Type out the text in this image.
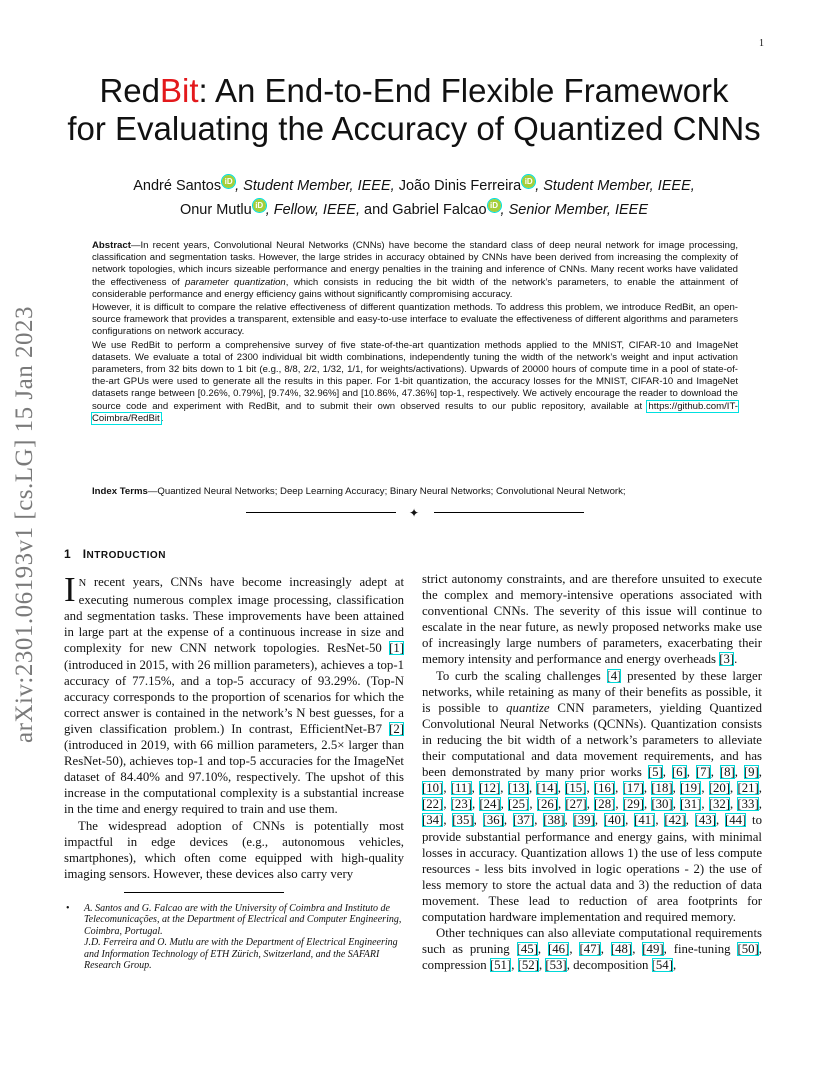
1
arXiv:2301.06193v1 [cs.LG] 15 Jan 2023
RedBit: An End-to-End Flexible Framework
for Evaluating the Accuracy of Quantized CNNs
André Santos iD , Student Member, IEEE, João Dinis Ferreira iD , Student Member, IEEE,
Onur Mutlu iD , Fellow, IEEE, and Gabriel Falcao iD , Senior Member, IEEE

Abstract—In recent years, Convolutional Neural Networks (CNNs) have become the standard class of deep neural network for image processing, classification and segmentation tasks. However, the large strides in accuracy obtained by CNNs have been derived from increasing the complexity of network topologies, which incurs sizeable performance and energy penalties in the training and inference of CNNs. Many recent works have validated the effectiveness of parameter quantization, which consists in reducing the bit width of the network’s parameters, to enable the attainment of considerable performance and energy efficiency gains without significantly compromising accuracy.

However, it is difficult to compare the relative effectiveness of different quantization methods. To address this problem, we introduce RedBit, an open-source framework that provides a transparent, extensible and easy-to-use interface to evaluate the effectiveness of different algorithms and parameters configurations on network accuracy.

We use RedBit to perform a comprehensive survey of five state-of-the-art quantization methods applied to the MNIST, CIFAR-10 and ImageNet datasets. We evaluate a total of 2300 individual bit width combinations, independently tuning the width of the network’s weight and input activation parameters, from 32 bits down to 1 bit (e.g., 8/8, 2/2, 1/32, 1/1, for weights/activations). Upwards of 20000 hours of compute time in a pool of state-of-the-art GPUs were used to generate all the results in this paper. For 1-bit quantization, the accuracy losses for the MNIST, CIFAR-10 and ImageNet datasets range between [0.26%, 0.79%], [9.74%, 32.96%] and [10.86%, 47.36%] top-1, respectively. We actively encourage the reader to download the source code and experiment with RedBit, and to submit their own observed results to our public repository, available at https://github.com/IT-Coimbra/RedBit.

Index Terms—Quantized Neural Networks; Deep Learning Accuracy; Binary Neural Networks; Convolutional Neural Network;
✦
1 INTRODUCTION

I N recent years, CNNs have become increasingly adept at executing numerous complex image processing, classification and segmentation tasks. These improvements have been attained in large part at the expense of a continuous increase in size and complexity for new CNN network topologies. ResNet-50 [1] (introduced in 2015, with 26 million parameters), achieves a top-1 accuracy of 77.15%, and a top-5 accuracy of 93.29%. (Top-N accuracy corresponds to the proportion of scenarios for which the correct answer is contained in the network’s N best guesses, for a given classification problem.) In contrast, EfficientNet-B7 [2] (introduced in 2019, with 66 million parameters, 2.5× larger than ResNet-50), achieves top-1 and top-5 accuracies for the ImageNet dataset of 84.40% and 97.10%, respectively. The upshot of this increase in the computational complexity is a substantial increase in the time and energy required to train and use them.

The widespread adoption of CNNs is potentially most impactful in edge devices (e.g., autonomous vehicles, smartphones), which often come equipped with high-quality imaging sensors. However, these devices also carry very

• A. Santos and G. Falcao are with the University of Coimbra and Instituto de Telecomunicações, at the Department of Electrical and Computer Engineering, Coimbra, Portugal.
J.D. Ferreira and O. Mutlu are with the Department of Electrical Engineering and Information Technology of ETH Zürich, Switzerland, and the SAFARI Research Group.

strict autonomy constraints, and are therefore unsuited to execute the complex and memory-intensive operations associated with conventional CNNs. The severity of this issue will continue to escalate in the near future, as newly proposed networks make use of increasingly large numbers of parameters, exacerbating their memory intensity and performance and energy overheads [3].

To curb the scaling challenges [4] presented by these larger networks, while retaining as many of their benefits as possible, it is possible to quantize CNN parameters, yielding Quantized Convolutional Neural Networks (QCNNs). Quantization consists in reducing the bit width of a network’s parameters to alleviate their computational and data movement requirements, and has been demonstrated by many prior works [5], [6], [7], [8], [9], [10], [11], [12], [13], [14], [15], [16], [17], [18], [19], [20], [21], [22], [23], [24], [25], [26], [27], [28], [29], [30], [31], [32], [33], [34], [35], [36], [37], [38], [39], [40], [41], [42], [43], [44] to provide substantial performance and energy gains, with minimal losses in accuracy. Quantization allows 1) the use of less compute resources - less bits involved in logic operations - 2) the use of less memory to store the actual data and 3) the reduction of data movement. These lead to reduction of area footprints for computation hardware implementation and required memory.

Other techniques can also alleviate computational requirements such as pruning [45], [46], [47], [48], [49], fine-tuning [50], compression [51], [52], [53], decomposition [54],
